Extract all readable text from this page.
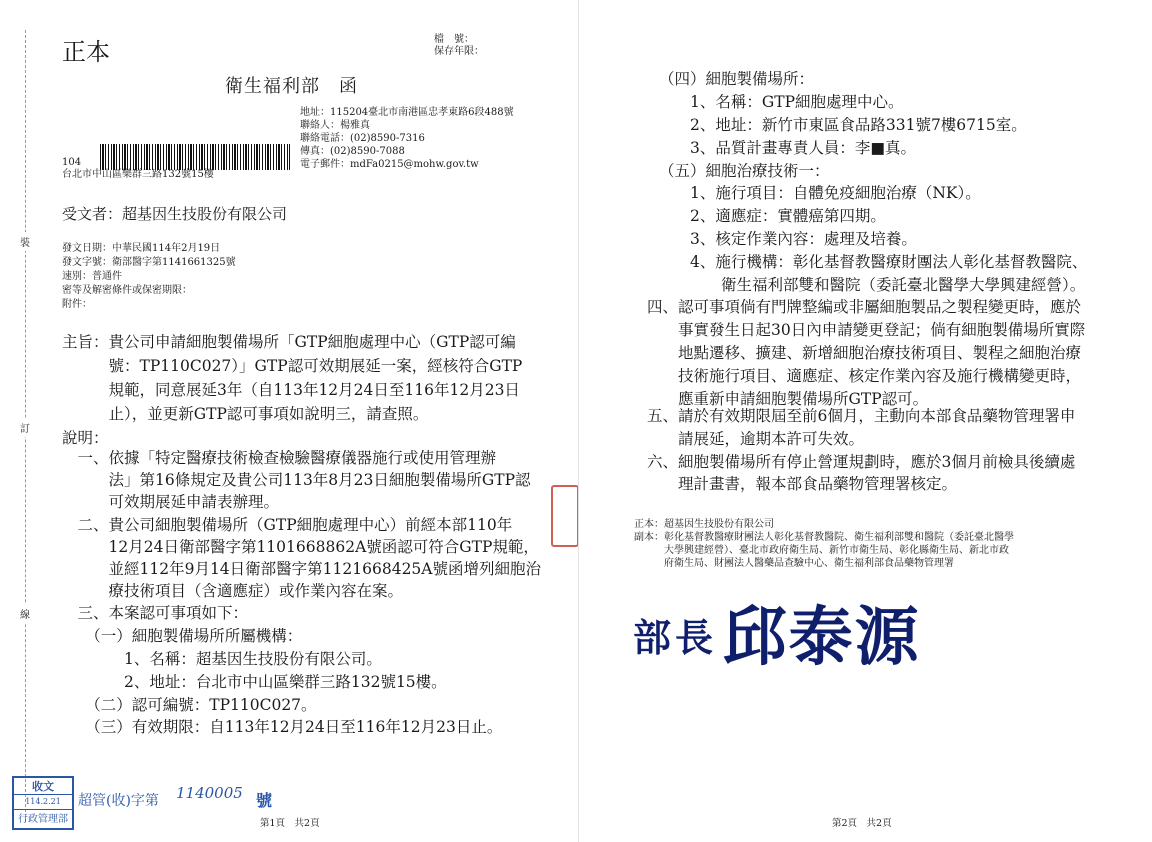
裝
訂
線
正本	檔　號：
保存年限：
衛生福利部　函
地址：115204臺北市南港區忠孝東路6段488號
聯絡人：楊雅真
聯絡電話：(02)8590-7316
傳真：(02)8590-7088
電子郵件：mdFa0215@mohw.gov.tw
104
台北市中山區樂群三路132號15樓
受文者：超基因生技股份有限公司
發文日期：中華民國114年2月19日
發文字號：衛部醫字第1141661325號
速別：普通件
密等及解密條件或保密期限：
附件：
主旨：貴公司申請細胞製備場所「GTP細胞處理中心（GTP認可編
　　　號：TP110C027）」GTP認可效期展延一案，經核符合GTP
　　　規範，同意展延3年（自113年12月24日至116年12月23日
　　　止），並更新GTP認可事項如說明三，請查照。
說明：
　一、依據「特定醫療技術檢查檢驗醫療儀器施行或使用管理辦
　　　法」第16條規定及貴公司113年8月23日細胞製備場所GTP認
　　　可效期展延申請表辦理。
　二、貴公司細胞製備場所（GTP細胞處理中心）前經本部110年
　　　12月24日衛部醫字第1101668862A號函認可符合GTP規範，
　　　並經112年9月14日衛部醫字第1121668425A號函增列細胞治
　　　療技術項目（含適應症）或作業內容在案。
　三、本案認可事項如下：
　　（一）細胞製備場所所屬機構：
　　　　1、名稱：超基因生技股份有限公司。
　　　　2、地址：台北市中山區樂群三路132號15樓。
　　（二）認可編號：TP110C027。
　　（三）有效期限：自113年12月24日至116年12月23日止。
收文
114.2.21
行政管理部
超管(收)字第 1140005 號
第1頁　共2頁
（四）細胞製備場所：
　　1、名稱：GTP細胞處理中心。
　　2、地址：新竹市東區食品路331號7樓6715室。
　　3、品質計畫專責人員：李■真。
（五）細胞治療技術一：
　　1、施行項目：自體免疫細胞治療（NK）。
　　2、適應症：實體癌第四期。
　　3、核定作業內容：處理及培養。
　　4、施行機構：彰化基督教醫療財團法人彰化基督教醫院、
　　　　衛生福利部雙和醫院（委託臺北醫學大學興建經營）。
四、認可事項倘有門牌整編或非屬細胞製品之製程變更時，應於
　　事實發生日起30日內申請變更登記；倘有細胞製備場所實際
　　地點遷移、擴建、新增細胞治療技術項目、製程之細胞治療
　　技術施行項目、適應症、核定作業內容及施行機構變更時，
　　應重新申請細胞製備場所GTP認可。
五、請於有效期限屆至前6個月，主動向本部食品藥物管理署申
　　請展延，逾期本許可失效。
六、細胞製備場所有停止營運規劃時，應於3個月前檢具後續處
　　理計畫書，報本部食品藥物管理署核定。
正本：超基因生技股份有限公司
副本：彰化基督教醫療財團法人彰化基督教醫院、衛生福利部雙和醫院（委託臺北醫學
　　　大學興建經營）、臺北市政府衛生局、新竹市衛生局、彰化縣衛生局、新北市政
　　　府衛生局、財團法人醫藥品查驗中心、衛生福利部食品藥物管理署
第2頁　共2頁
部長 邱泰源
